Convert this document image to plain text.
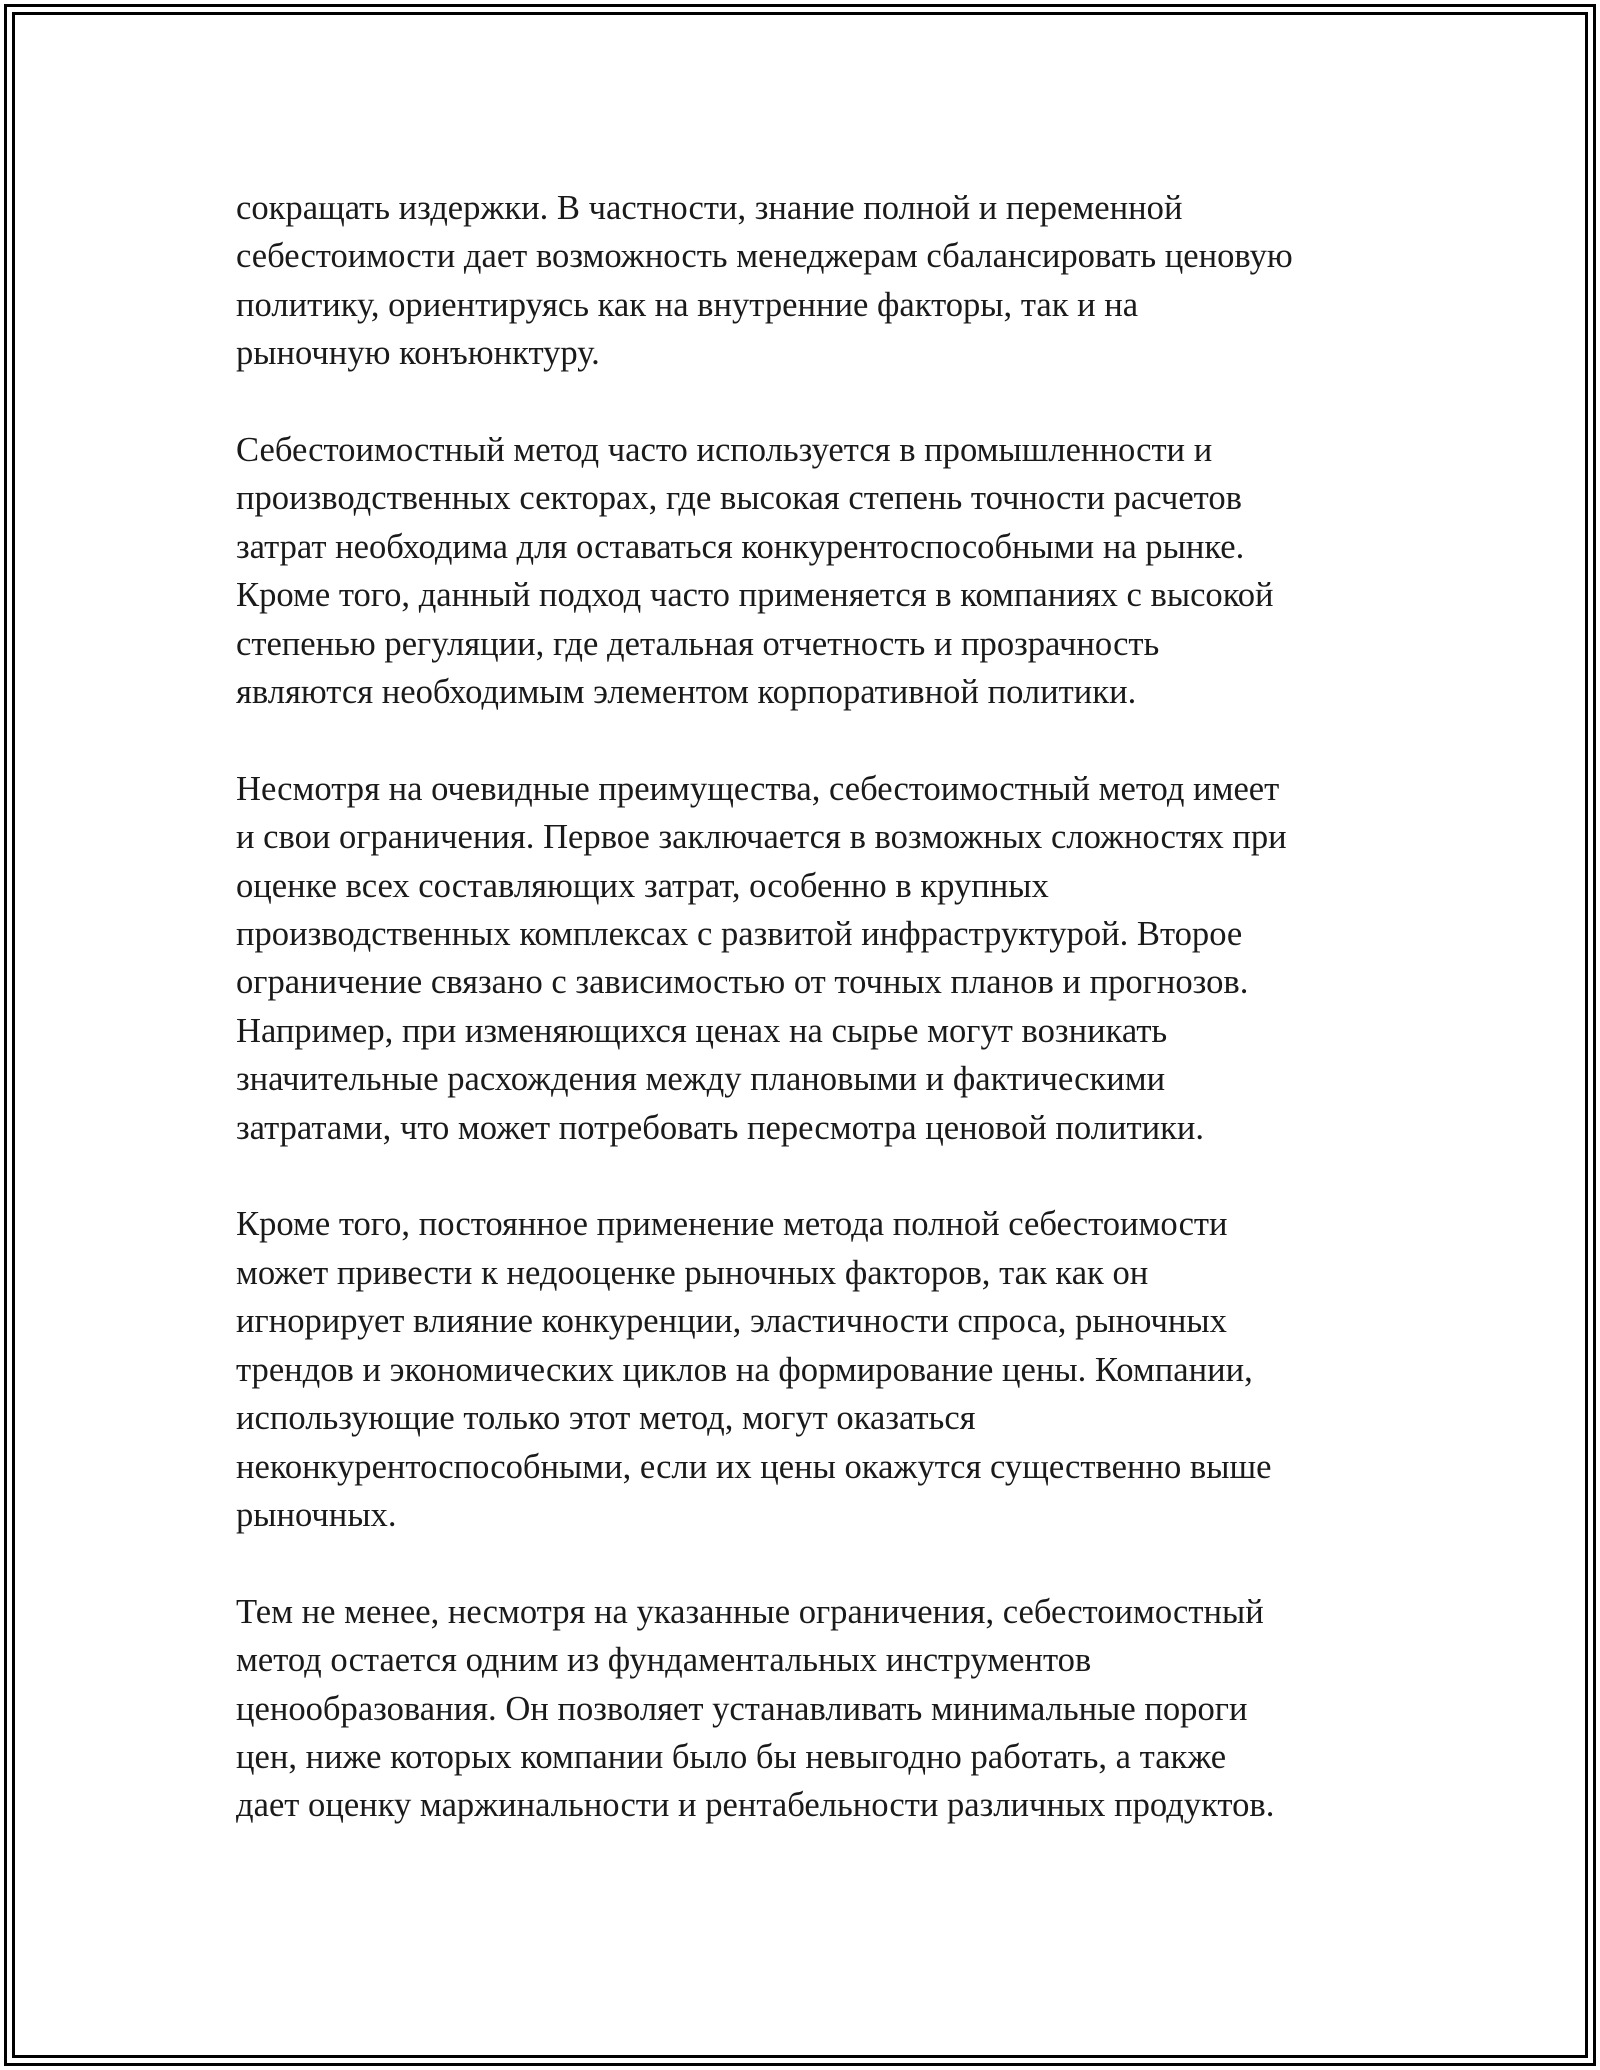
сокращать издержки. В частности, знание полной и переменной
себестоимости дает возможность менеджерам сбалансировать ценовую
политику, ориентируясь как на внутренние факторы, так и на
рыночную конъюнктуру.

Себестоимостный метод часто используется в промышленности и
производственных секторах, где высокая степень точности расчетов
затрат необходима для оставаться конкурентоспособными на рынке.
Кроме того, данный подход часто применяется в компаниях с высокой
степенью регуляции, где детальная отчетность и прозрачность
являются необходимым элементом корпоративной политики.

Несмотря на очевидные преимущества, себестоимостный метод имеет
и свои ограничения. Первое заключается в возможных сложностях при
оценке всех составляющих затрат, особенно в крупных
производственных комплексах с развитой инфраструктурой. Второе
ограничение связано с зависимостью от точных планов и прогнозов.
Например, при изменяющихся ценах на сырье могут возникать
значительные расхождения между плановыми и фактическими
затратами, что может потребовать пересмотра ценовой политики.

Кроме того, постоянное применение метода полной себестоимости
может привести к недооценке рыночных факторов, так как он
игнорирует влияние конкуренции, эластичности спроса, рыночных
трендов и экономических циклов на формирование цены. Компании,
использующие только этот метод, могут оказаться
неконкурентоспособными, если их цены окажутся существенно выше
рыночных.

Тем не менее, несмотря на указанные ограничения, себестоимостный
метод остается одним из фундаментальных инструментов
ценообразования. Он позволяет устанавливать минимальные пороги
цен, ниже которых компании было бы невыгодно работать, а также
дает оценку маржинальности и рентабельности различных продуктов.
